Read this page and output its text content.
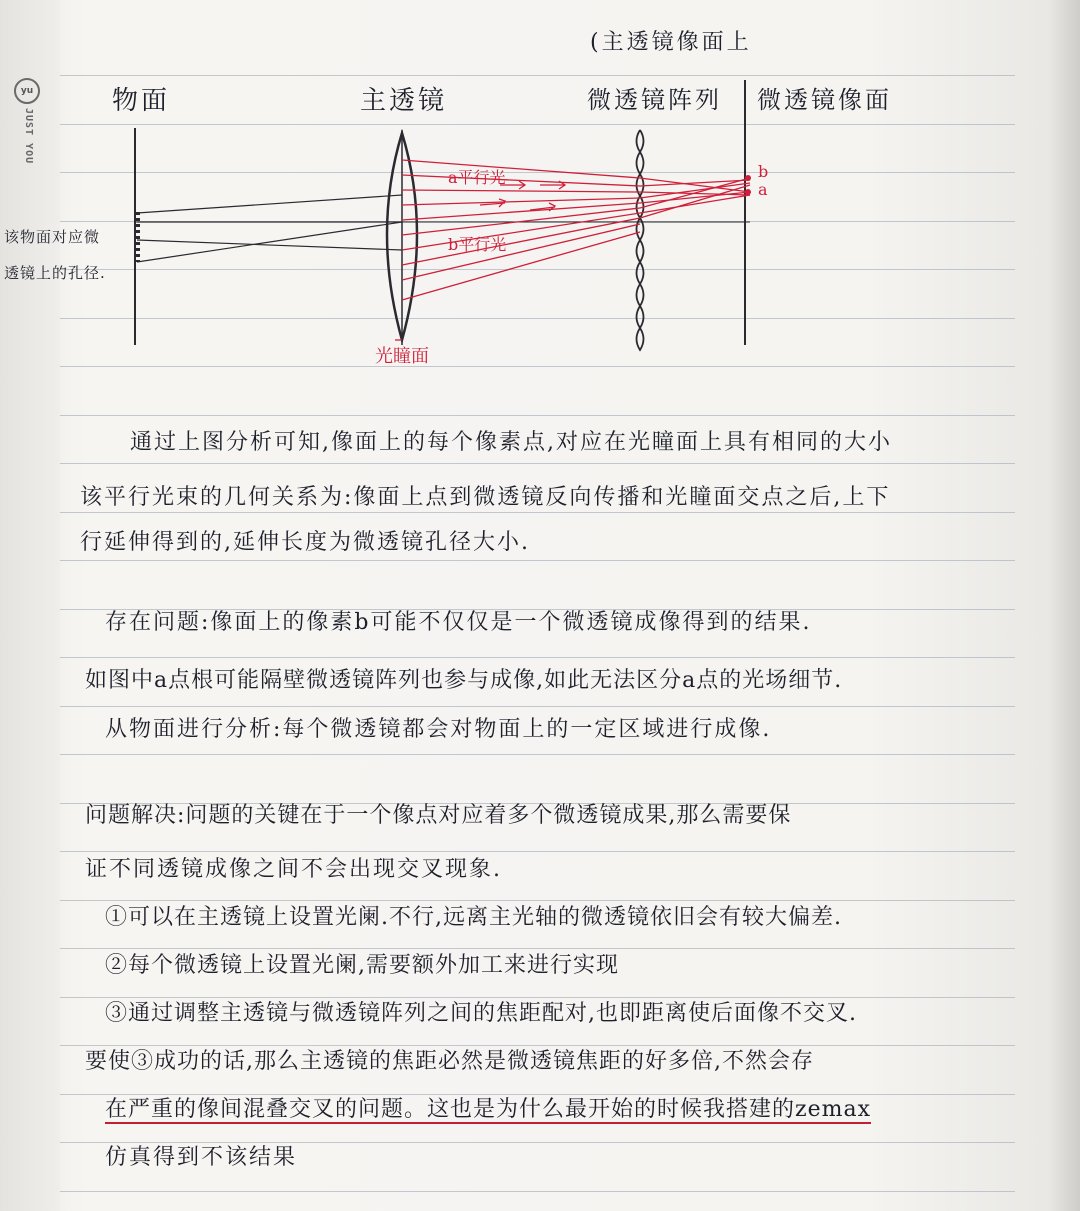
yu
JUST YOU
物面	主透镜
(主透镜像面上
微透镜阵列 微透镜像面
该物面对应微
透镜上的孔径.
a平行光
b平行光
光瞳面
a
b
通过上图分析可知,像面上的每个像素点,对应在光瞳面上具有相同的大小
该平行光束的几何关系为:像面上点到微透镜反向传播和光瞳面交点之后,上下
行延伸得到的,延伸长度为微透镜孔径大小.
存在问题:像面上的像素b可能不仅仅是一个微透镜成像得到的结果.
如图中a点根可能隔壁微透镜阵列也参与成像,如此无法区分a点的光场细节.
从物面进行分析:每个微透镜都会对物面上的一定区域进行成像.
问题解决:问题的关键在于一个像点对应着多个微透镜成果,那么需要保
证不同透镜成像之间不会出现交叉现象.
①可以在主透镜上设置光阑.不行,远离主光轴的微透镜依旧会有较大偏差.
②每个微透镜上设置光阑,需要额外加工来进行实现
③通过调整主透镜与微透镜阵列之间的焦距配对,也即距离使后面像不交叉.
要使③成功的话,那么主透镜的焦距必然是微透镜焦距的好多倍,不然会存
在严重的像间混叠交叉的问题。这也是为什么最开始的时候我搭建的zemax
仿真得到不该结果
